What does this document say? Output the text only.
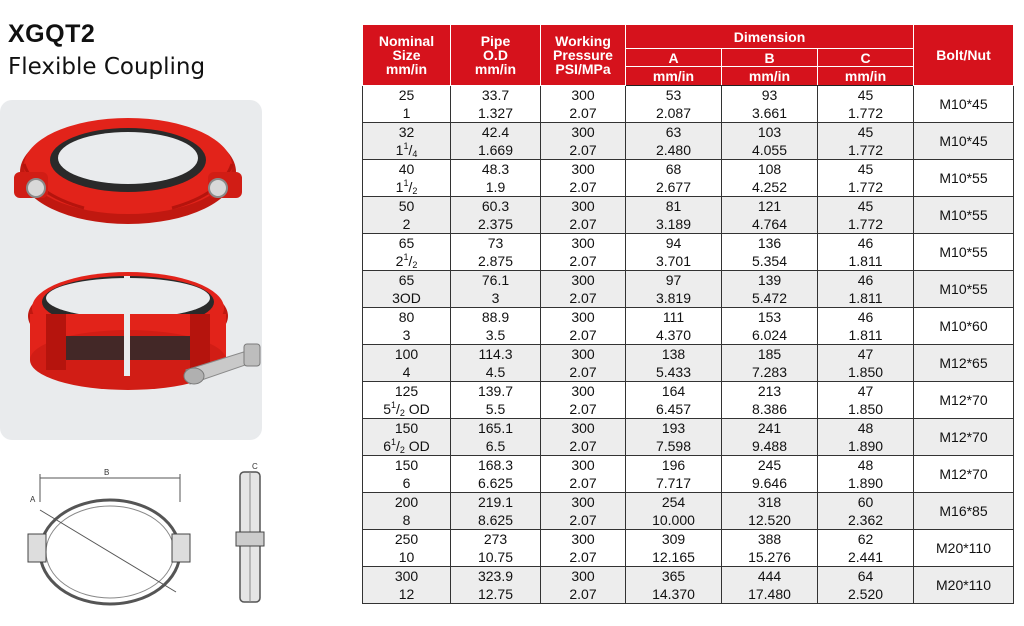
XGQT2
Flexible Coupling
B
A
C
Nominal
Size
mm/in	Pipe
O.D
mm/in	Working
Pressure
PSI/MPa	Dimension			Bolt/Nut
			A	B	C	
			mm/in	mm/in	mm/in	
25	33.7	300	53	93	45	M10*45
1	1.327	2.07	2.087	3.661	1.772	
32	42.4	300	63	103	45	M10*45
$1^1/_4$	1.669	2.07	2.480	4.055	1.772	
40	48.3	300	68	108	45	M10*55
$1^1/_2$	1.9	2.07	2.677	4.252	1.772	
50	60.3	300	81	121	45	M10*55
2	2.375	2.07	3.189	4.764	1.772	
65	73	300	94	136	46	M10*55
$2^1/_2$	2.875	2.07	3.701	5.354	1.811	
65	76.1	300	97	139	46	M10*55
3OD	3	2.07	3.819	5.472	1.811	
80	88.9	300	111	153	46	M10*60
3	3.5	2.07	4.370	6.024	1.811	
100	114.3	300	138	185	47	M12*65
4	4.5	2.07	5.433	7.283	1.850	
125	139.7	300	164	213	47	M12*70
$5^1/_2$ OD	5.5	2.07	6.457	8.386	1.850	
150	165.1	300	193	241	48	M12*70
$6^1/_2$ OD	6.5	2.07	7.598	9.488	1.890	
150	168.3	300	196	245	48	M12*70
6	6.625	2.07	7.717	9.646	1.890	
200	219.1	300	254	318	60	M16*85
8	8.625	2.07	10.000	12.520	2.362	
250	273	300	309	388	62	M20*110
10	10.75	2.07	12.165	15.276	2.441	
300	323.9	300	365	444	64	M20*110
12	12.75	2.07	14.370	17.480	2.520	
